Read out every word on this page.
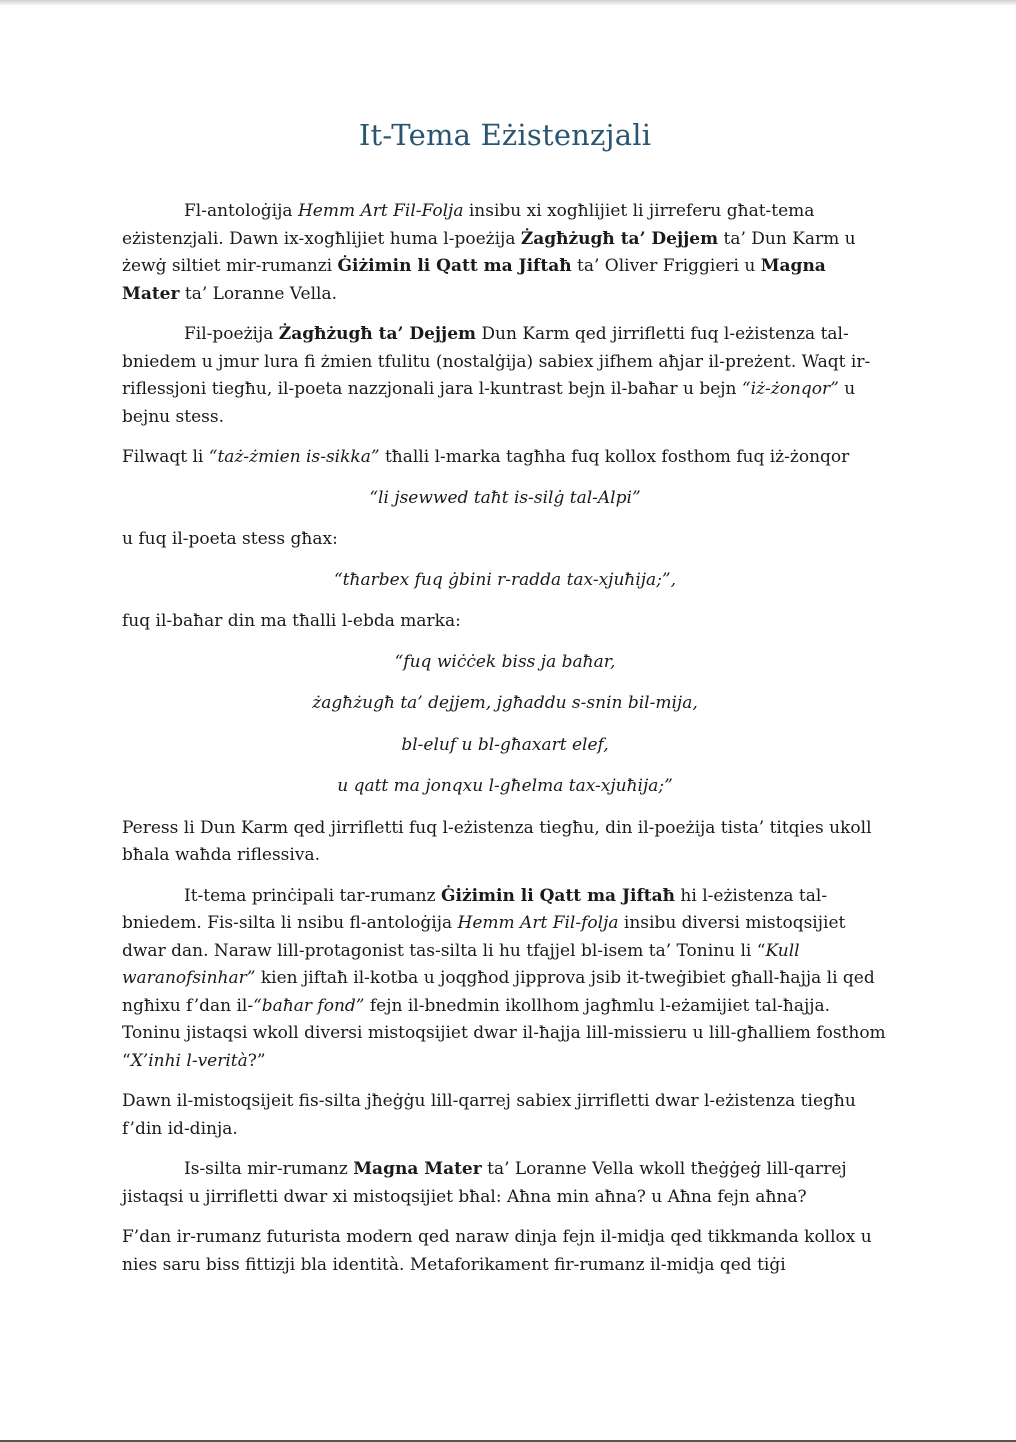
It-Tema Eżistenzjali

Fl-antoloġija Hemm Art Fil-Folja insibu xi xogħlijiet li jirreferu għat-tema eżistenzjali. Dawn ix-xogħlijiet huma l-poeżija Żagħżugħ ta’ Dejjem ta’ Dun Karm u żewġ siltiet mir-rumanzi Ġiżimin li Qatt ma Jiftaħ ta’ Oliver Friggieri u Magna Mater ta’ Loranne Vella.

Fil-poeżija Żagħżugħ ta’ Dejjem Dun Karm qed jirrifletti fuq l-eżistenza tal-bniedem u jmur lura fi żmien tfulitu (nostalġija) sabiex jifhem aħjar il-preżent. Waqt ir-riflessjoni tiegħu, il-poeta nazzjonali jara l-kuntrast bejn il-baħar u bejn “iż-żonqor” u bejnu stess.

Filwaqt li “taż-żmien is-sikka” tħalli l-marka tagħha fuq kollox fosthom fuq iż-żonqor

“li jsewwed taħt is-silġ tal-Alpi”

u fuq il-poeta stess għax:

“tħarbex fuq ġbini r-radda tax-xjuħija;”,

fuq il-baħar din ma tħalli l-ebda marka:

“fuq wiċċek biss ja baħar,

żagħżugħ ta’ dejjem, jgħaddu s-snin bil-mija,

bl-eluf u bl-għaxart elef,

u qatt ma jonqxu l-għelma tax-xjuħija;”

Peress li Dun Karm qed jirrifletti fuq l-eżistenza tiegħu, din il-poeżija tista’ titqies ukoll bħala waħda riflessiva.

It-tema prinċipali tar-rumanz Ġiżimin li Qatt ma Jiftaħ hi l-eżistenza tal-bniedem. Fis-silta li nsibu fl-antoloġija Hemm Art Fil-folja insibu diversi mistoqsijiet dwar dan. Naraw lill-protagonist tas-silta li hu tfajjel bl-isem ta’ Toninu li “Kull waranofsinhar” kien jiftaħ il-kotba u joqgħod jipprova jsib it-tweġibiet għall-ħajja li qed ngħixu f’dan il-“baħar fond” fejn il-bnedmin ikollhom jagħmlu l-eżamijiet tal-ħajja. Toninu jistaqsi wkoll diversi mistoqsijiet dwar il-ħajja lill-missieru u lill-għalliem fosthom “X’inhi l-verità?”

Dawn il-mistoqsijeit fis-silta jħeġġu lill-qarrej sabiex jirrifletti dwar l-eżistenza tiegħu f’din id-dinja.

Is-silta mir-rumanz Magna Mater ta’ Loranne Vella wkoll tħeġġeġ lill-qarrej jistaqsi u jirrifletti dwar xi mistoqsijiet bħal: Aħna min aħna? u Aħna fejn aħna?

F’dan ir-rumanz futurista modern qed naraw dinja fejn il-midja qed tikkmanda kollox u nies saru biss fittizji bla identità. Metaforikament fir-rumanz il-midja qed tiġi
